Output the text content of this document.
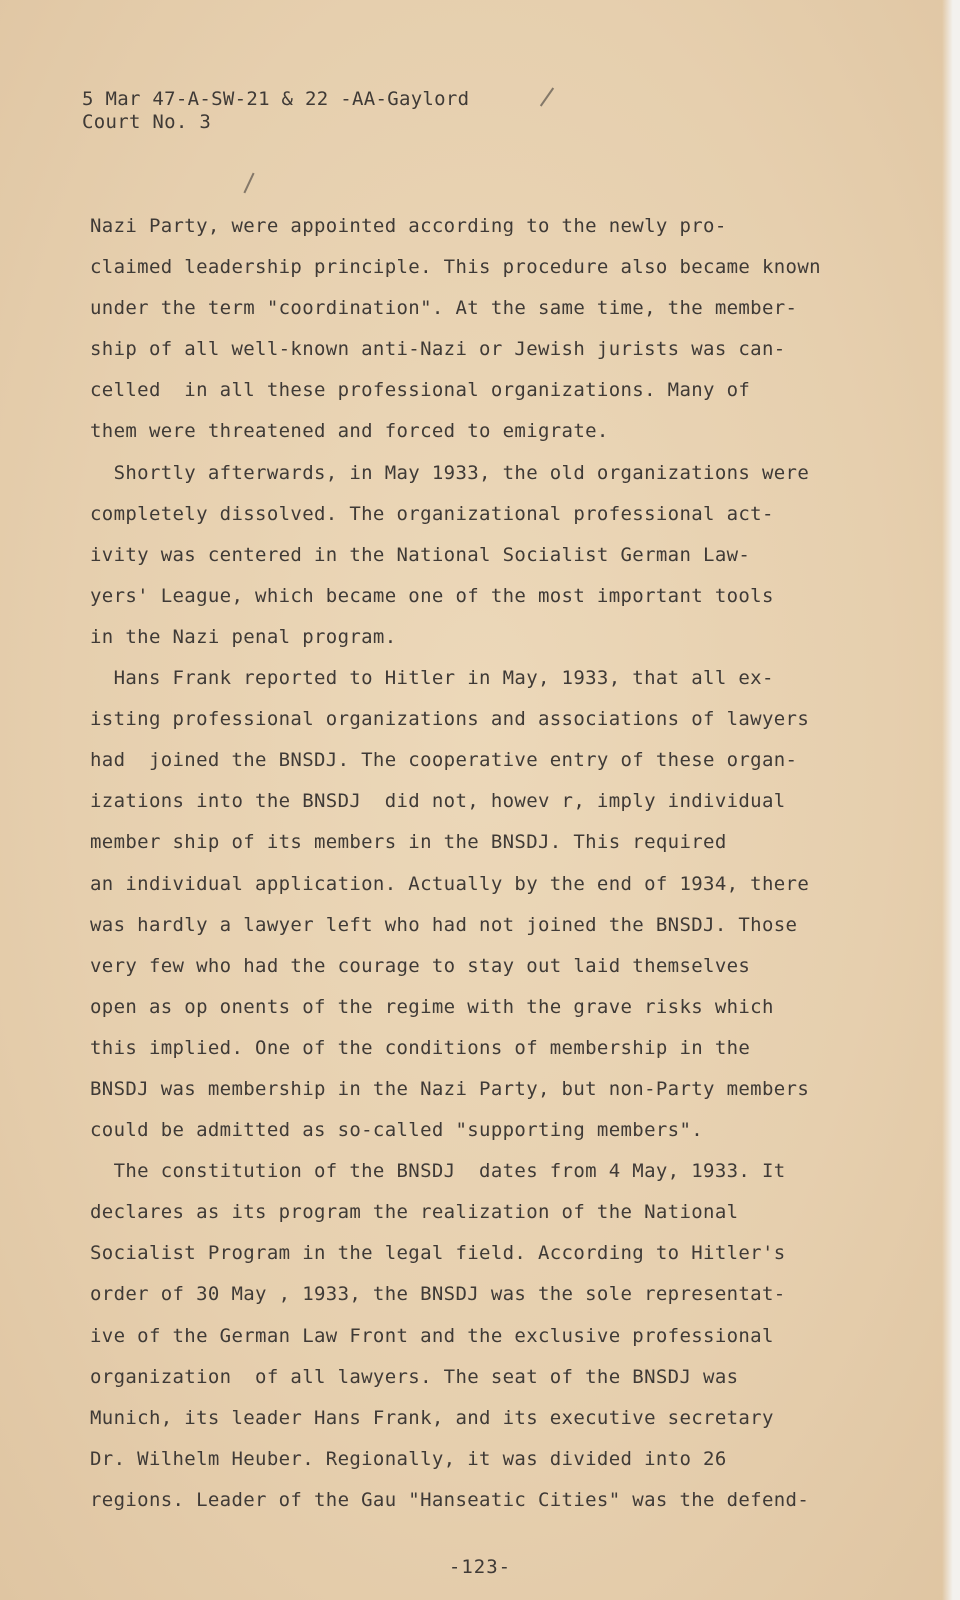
5 Mar 47-A-SW-21 & 22 -AA-Gaylord
Court No. 3
Nazi Party, were appointed according to the newly pro-
claimed leadership principle. This procedure also became known
under the term "coordination". At the same time, the member-
ship of all well-known anti-Nazi or Jewish jurists was can-
celled  in all these professional organizations. Many of
them were threatened and forced to emigrate.
Shortly afterwards, in May 1933, the old organizations were
completely dissolved. The organizational professional act-
ivity was centered in the National Socialist German Law-
yers' League, which became one of the most important tools
in the Nazi penal program.
Hans Frank reported to Hitler in May, 1933, that all ex-
isting professional organizations and associations of lawyers
had  joined the BNSDJ. The cooperative entry of these organ-
izations into the BNSDJ  did not, howev r, imply individual
member ship of its members in the BNSDJ. This required
an individual application. Actually by the end of 1934, there
was hardly a lawyer left who had not joined the BNSDJ. Those
very few who had the courage to stay out laid themselves
open as op onents of the regime with the grave risks which
this implied. One of the conditions of membership in the
BNSDJ was membership in the Nazi Party, but non-Party members
could be admitted as so-called "supporting members".
The constitution of the BNSDJ  dates from 4 May, 1933. It
declares as its program the realization of the National
Socialist Program in the legal field. According to Hitler's
order of 30 May , 1933, the BNSDJ was the sole representat-
ive of the German Law Front and the exclusive professional
organization  of all lawyers. The seat of the BNSDJ was
Munich, its leader Hans Frank, and its executive secretary
Dr. Wilhelm Heuber. Regionally, it was divided into 26
regions. Leader of the Gau "Hanseatic Cities" was the defend-
-123-
